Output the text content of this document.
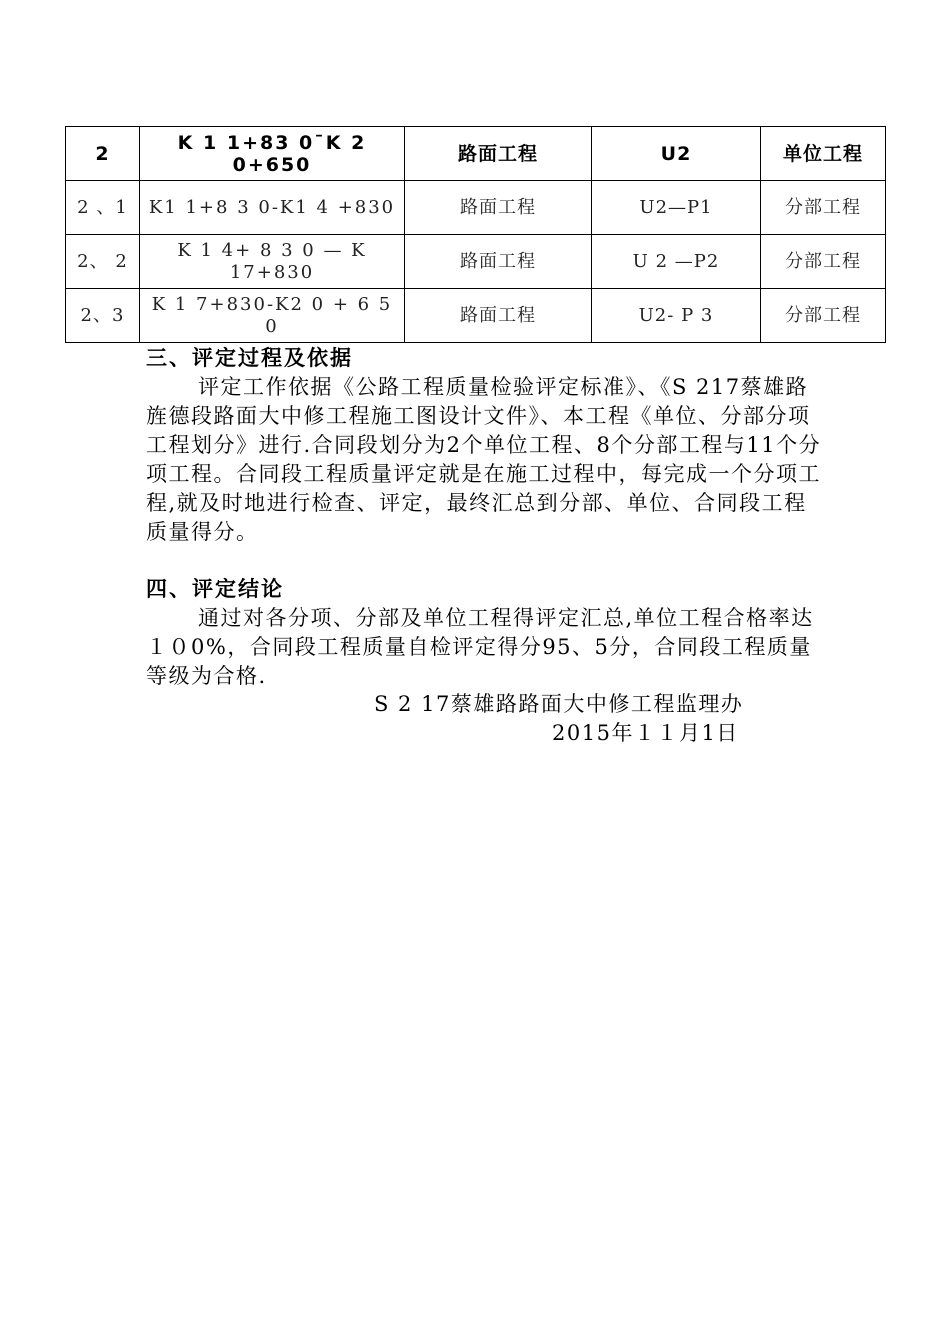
2	K 1 1+83 0¯K 2 0+650	路面工程	U2	单位工程
2 、1	K1 1+8 3 0-K1 4 +830	路面工程	U2—P1	分部工程
2、 2	K 1 4+ 8 3 0 — K 17+830	路面工程	U 2 —P2	分部工程
2、3	K 1 7+830-K2 0 + 6 5 0	路面工程	U2- P 3	分部工程
三、评定过程及依据

评定工作依据《公路工程质量检验评定标准》、《S 217蔡雄路旌德段路面大中修工程施工图设计文件》、本工程《单位、分部分项工程划分》进行.合同段划分为2个单位工程、8个分部工程与11个分项工程。合同段工程质量评定就是在施工过程中，每完成一个分项工程,就及时地进行检查、评定，最终汇总到分部、单位、合同段工程质量得分。

四、评定结论

通过对各分项、分部及单位工程得评定汇总,单位工程合格率达１０0%，合同段工程质量自检评定得分95、5分，合同段工程质量等级为合格.

S 2 17蔡雄路路面大中修工程监理办
2015年１１月1日
